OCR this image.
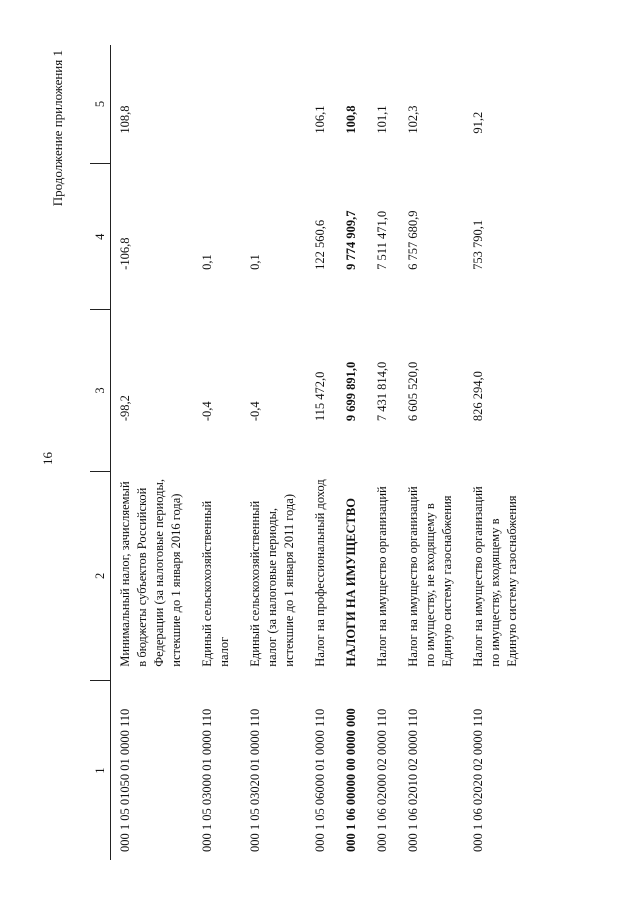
16
Продолжение приложения 1
1	2	3	4	5
000 1 05 01050 01 0000 110	Минимальный налог, зачисляемый в бюджеты субъектов Российской Федерации (за налоговые периоды, истекшие до 1 января 2016 года)	-98,2	-106,8	108,8
000 1 05 03000 01 0000 110	Единый сельскохозяйственный налог	-0,4	0,1	
000 1 05 03020 01 0000 110	Единый сельскохозяйственный налог (за налоговые периоды, истекшие до 1 января 2011 года)	-0,4	0,1	
000 1 05 06000 01 0000 110	Налог на профессиональный доход	115 472,0	122 560,6	106,1
000 1 06 00000 00 0000 000	НАЛОГИ НА ИМУЩЕСТВО	9 699 891,0	9 774 909,7	100,8
000 1 06 02000 02 0000 110	Налог на имущество организаций	7 431 814,0	7 511 471,0	101,1
000 1 06 02010 02 0000 110	Налог на имущество организаций по имуществу, не входящему в Единую систему газоснабжения	6 605 520,0	6 757 680,9	102,3
000 1 06 02020 02 0000 110	Налог на имущество организаций по имуществу, входящему в Единую систему газоснабжения	826 294,0	753 790,1	91,2
